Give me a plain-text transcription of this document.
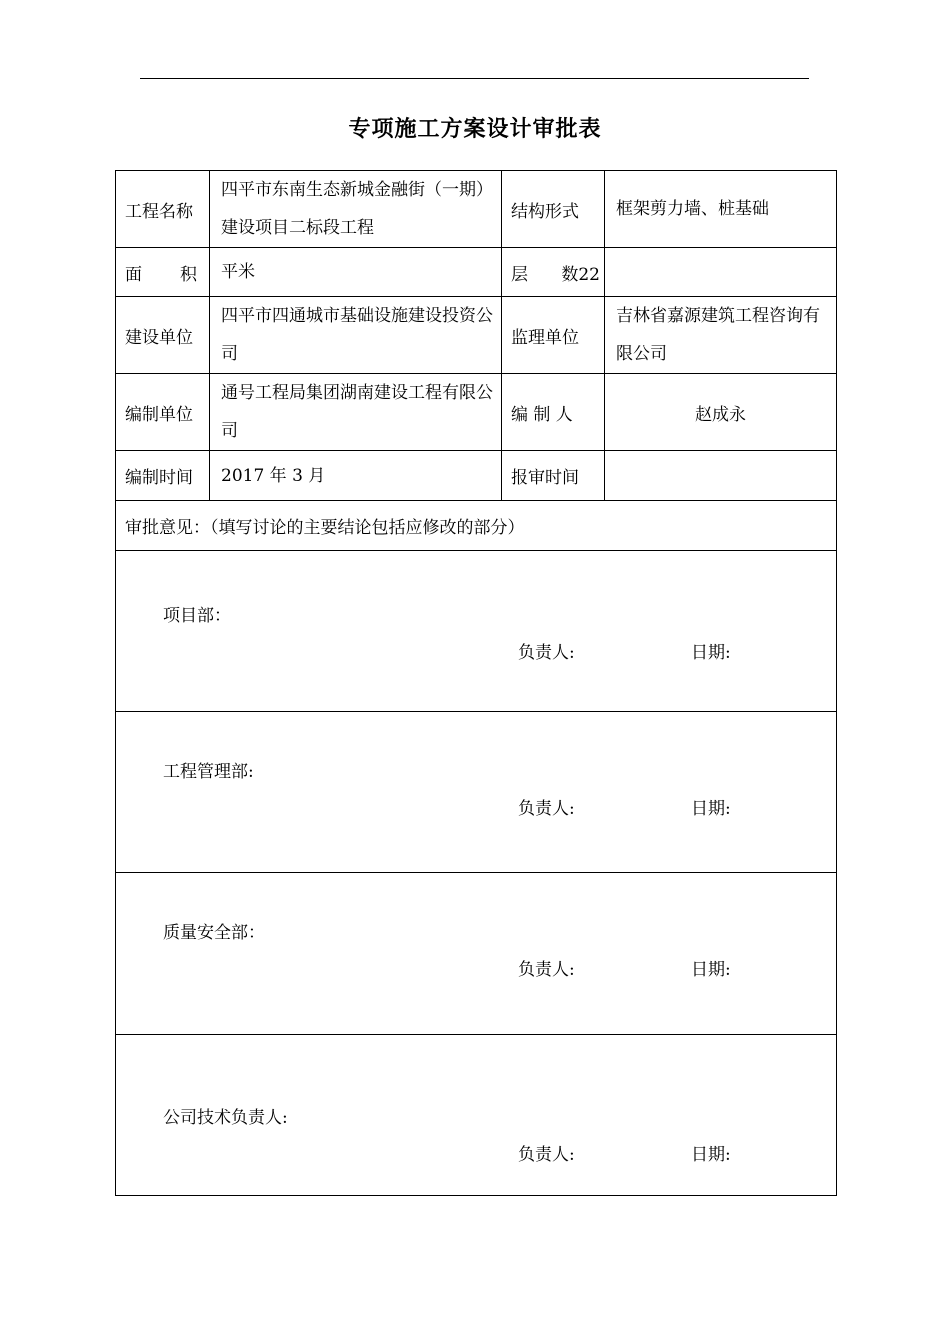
专项施工方案设计审批表
工程名称	四平市东南生态新城金融街（一期）建设项目二标段工程	结构形式	框架剪力墙、桩基础

面 积	平米	层 数22	

建设单位	四平市四通城市基础设施建设投资公司	监理单位	吉林省嘉源建筑工程咨询有限公司
编制单位	通号工程局集团湖南建设工程有限公司	编 制 人	赵成永
编制时间	2017 年 3 月	报审时间	
审批意见：（填写讨论的主要结论包括应修改的部分）			

项目部：
负责人: 日期:			

工程管理部:
负责人: 日期:			

质量安全部：
负责人: 日期:			

公司技术负责人:
负责人: 日期:			
